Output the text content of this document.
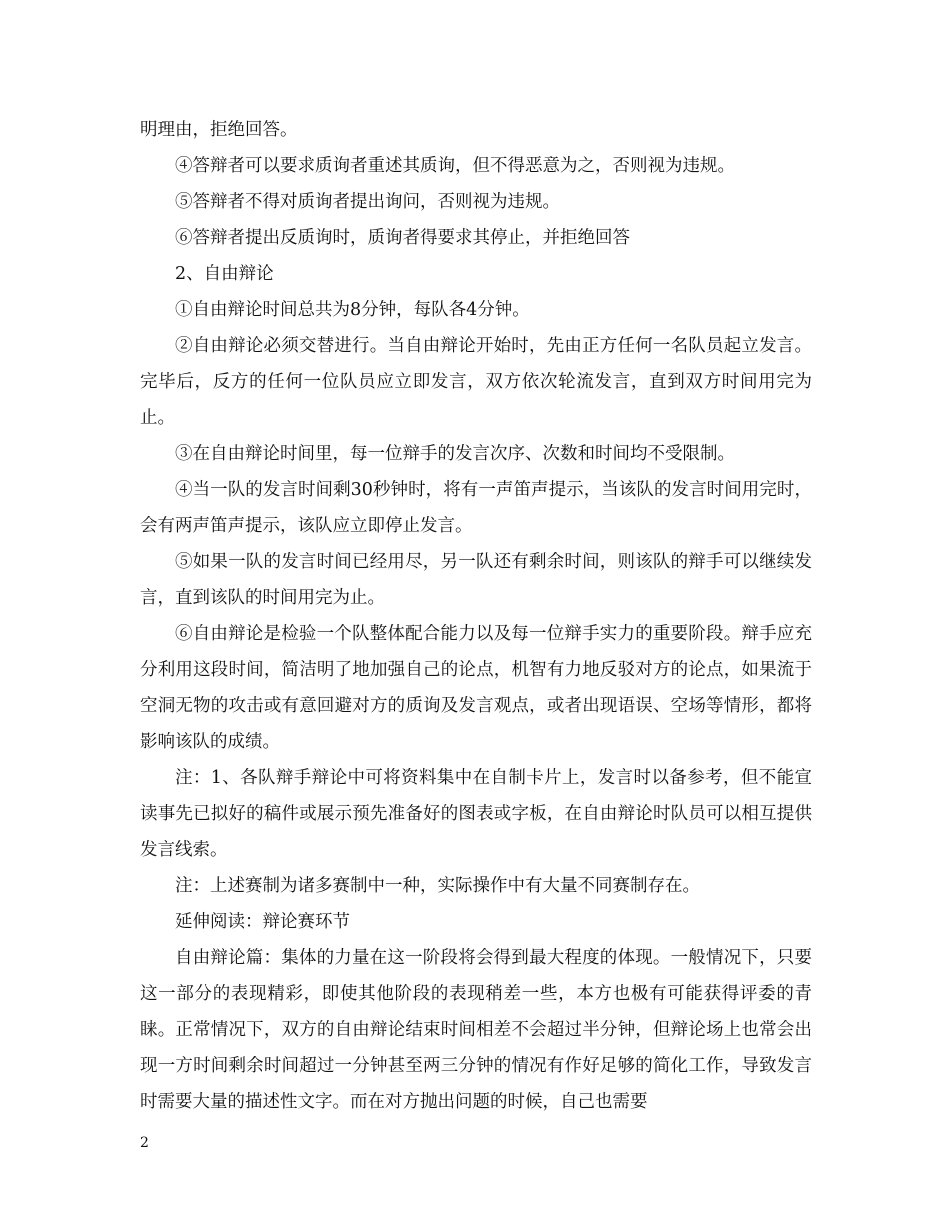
明理由，拒绝回答。

④答辩者可以要求质询者重述其质询，但不得恶意为之，否则视为违规。

⑤答辩者不得对质询者提出询问，否则视为违规。

⑥答辩者提出反质询时，质询者得要求其停止，并拒绝回答

2、自由辩论

①自由辩论时间总共为8分钟，每队各4分钟。

②自由辩论必须交替进行。当自由辩论开始时，先由正方任何一名队员起立发言。完毕后，反方的任何一位队员应立即发言，双方依次轮流发言，直到双方时间用完为止。

③在自由辩论时间里，每一位辩手的发言次序、次数和时间均不受限制。

④当一队的发言时间剩30秒钟时，将有一声笛声提示，当该队的发言时间用完时，会有两声笛声提示，该队应立即停止发言。

⑤如果一队的发言时间已经用尽，另一队还有剩余时间，则该队的辩手可以继续发言，直到该队的时间用完为止。

⑥自由辩论是检验一个队整体配合能力以及每一位辩手实力的重要阶段。辩手应充分利用这段时间，简洁明了地加强自己的论点，机智有力地反驳对方的论点，如果流于空洞无物的攻击或有意回避对方的质询及发言观点，或者出现语误、空场等情形，都将影响该队的成绩。

注：1、各队辩手辩论中可将资料集中在自制卡片上，发言时以备参考，但不能宣读事先已拟好的稿件或展示预先准备好的图表或字板，在自由辩论时队员可以相互提供发言线索。

注：上述赛制为诸多赛制中一种，实际操作中有大量不同赛制存在。

延伸阅读：辩论赛环节

自由辩论篇：集体的力量在这一阶段将会得到最大程度的体现。一般情况下，只要这一部分的表现精彩，即使其他阶段的表现稍差一些，本方也极有可能获得评委的青睐。正常情况下，双方的自由辩论结束时间相差不会超过半分钟，但辩论场上也常会出现一方时间剩余时间超过一分钟甚至两三分钟的情况有作好足够的简化工作，导致发言时需要大量的描述性文字。而在对方抛出问题的时候，自己也需要

2
